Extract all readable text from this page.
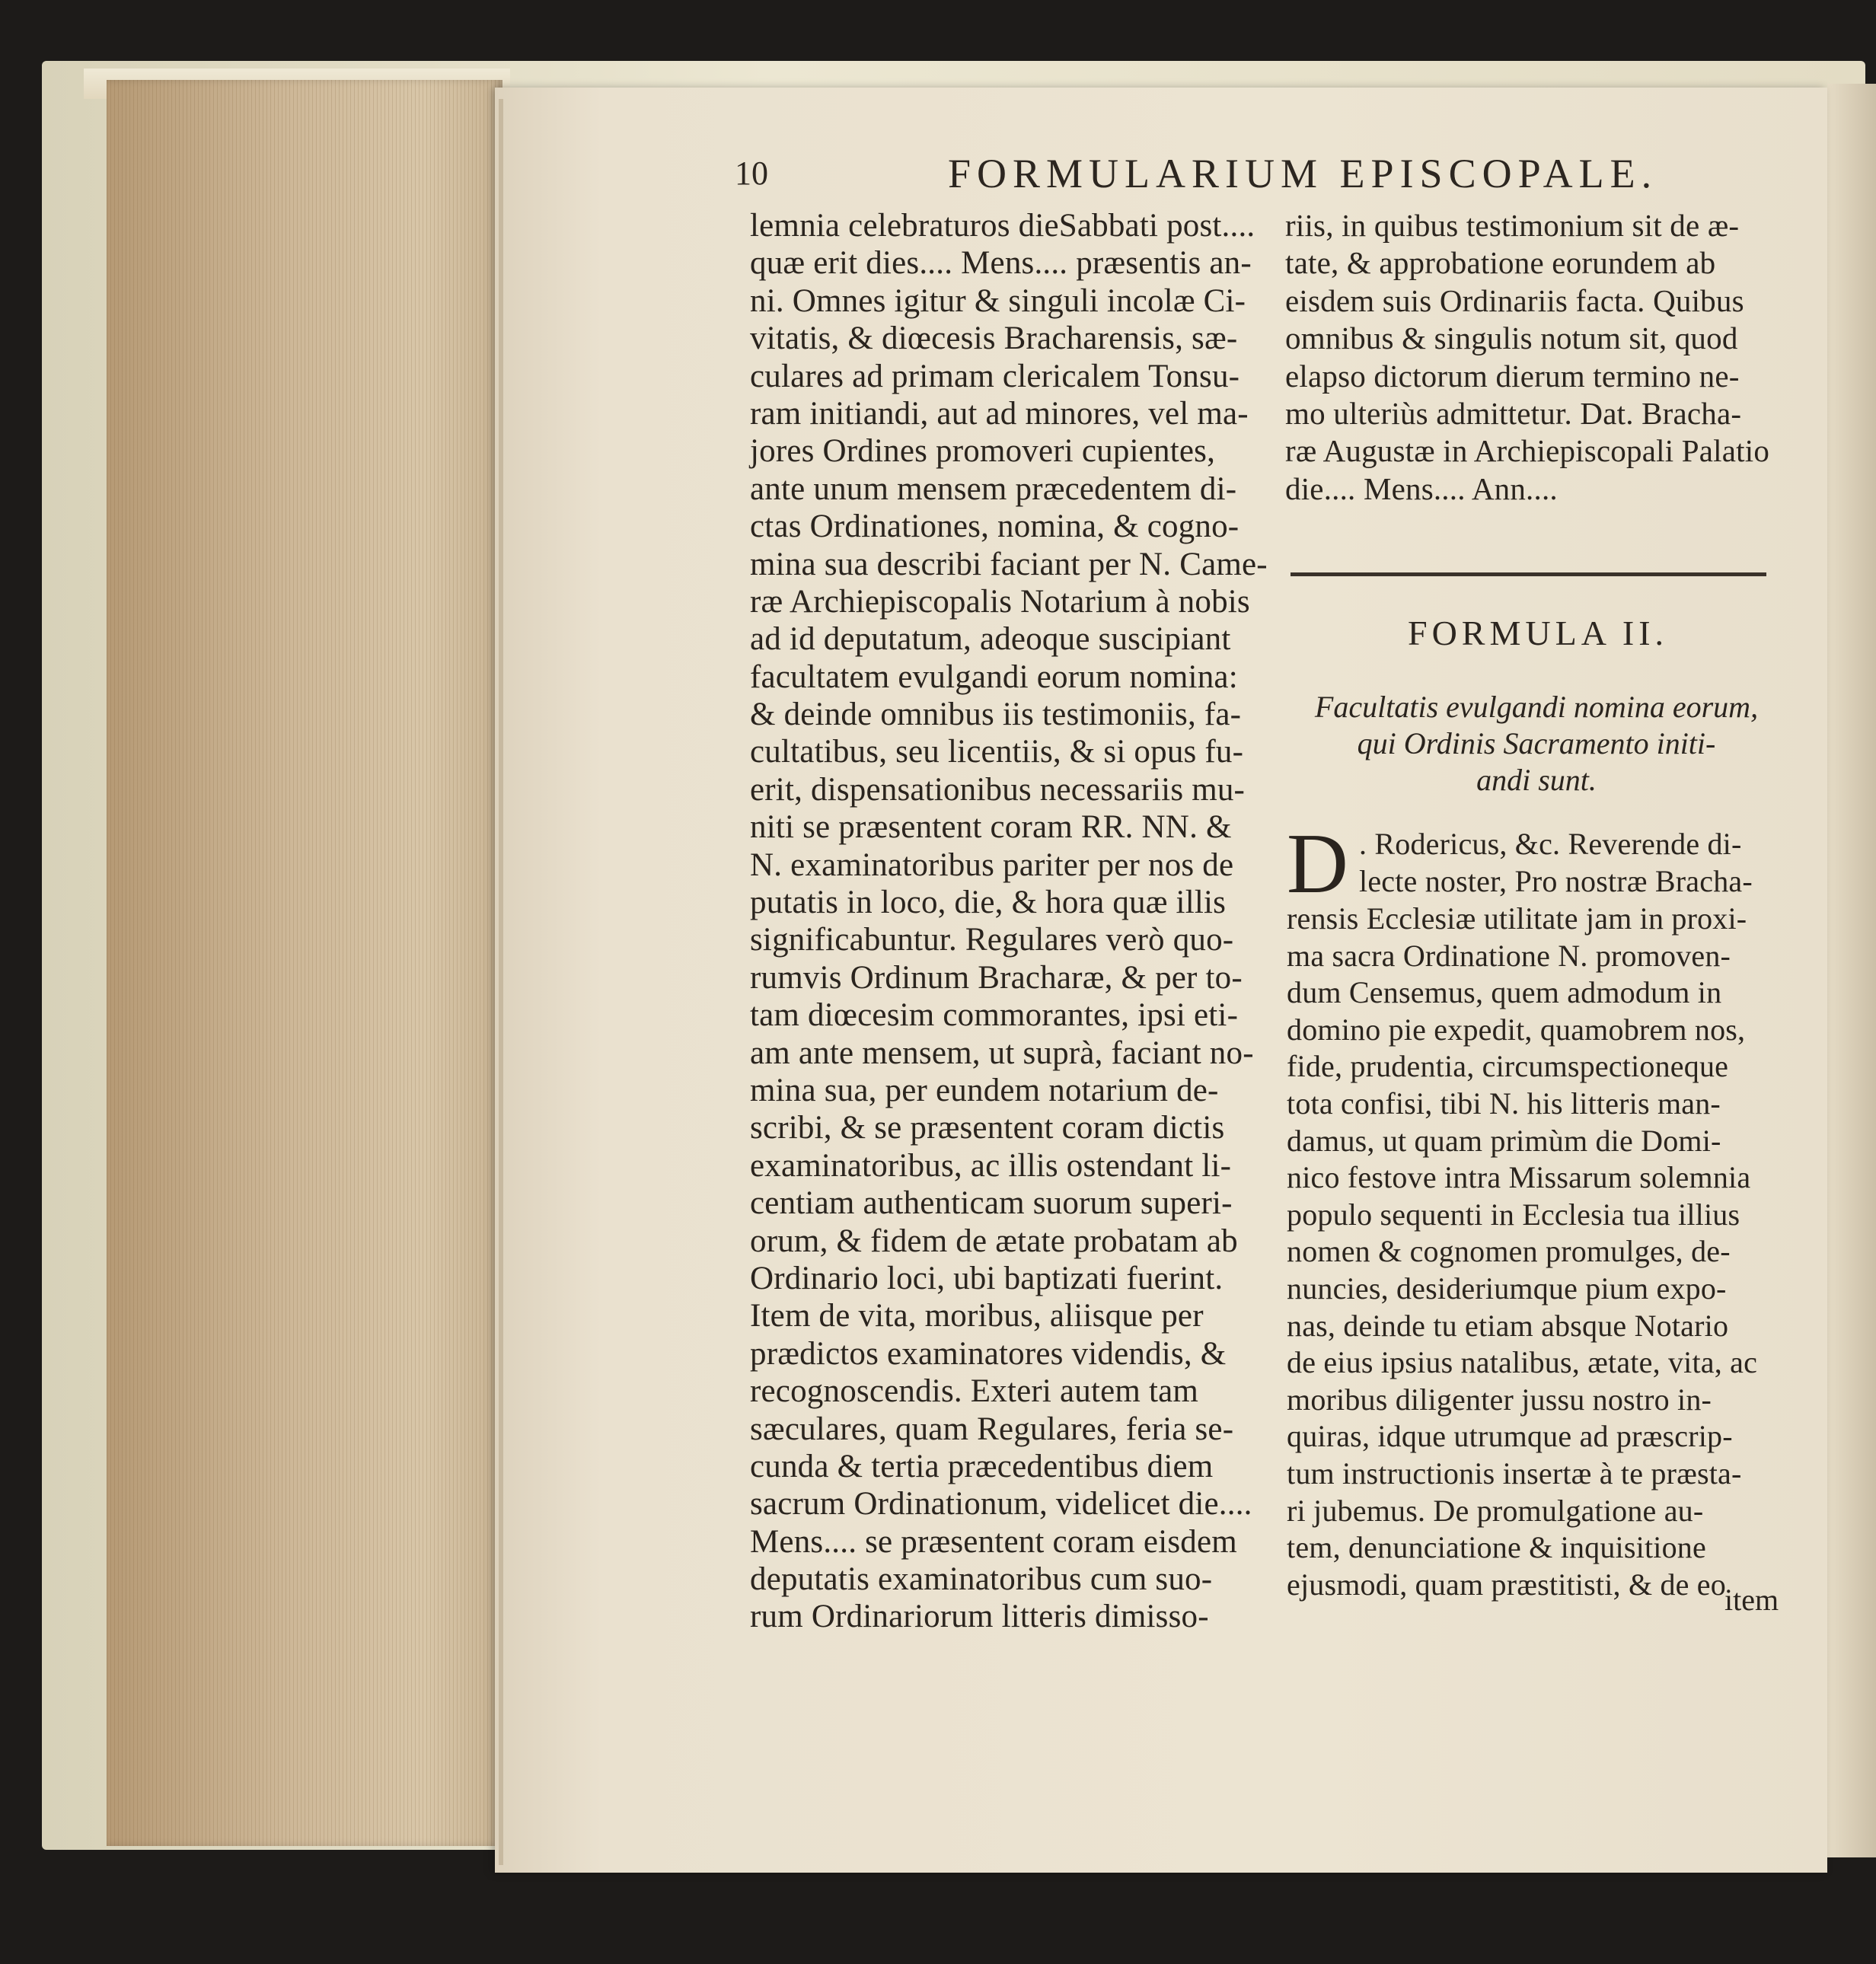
10	FORMULARIUM EPISCOPALE.
lemnia celebraturos dieSabbati post....
quæ erit dies.... Mens.... præsentis an-
ni. Omnes igitur & singuli incolæ Ci-
vitatis, & diœcesis Bracharensis, sæ-
culares ad primam clericalem Tonsu-
ram initiandi, aut ad minores, vel ma-
jores Ordines promoveri cupientes,
ante unum mensem præcedentem di-
ctas Ordinationes, nomina, & cogno-
mina sua describi faciant per N. Came-
ræ Archiepiscopalis Notarium à nobis
ad id deputatum, adeoque suscipiant
facultatem evulgandi eorum nomina:
& deinde omnibus iis testimoniis, fa-
cultatibus, seu licentiis, & si opus fu-
erit, dispensationibus necessariis mu-
niti se præsentent coram RR. NN. &
N. examinatoribus pariter per nos de
putatis in loco, die, & hora quæ illis
significabuntur. Regulares verò quo-
rumvis Ordinum Bracharæ, & per to-
tam diœcesim commorantes, ipsi eti-
am ante mensem, ut suprà, faciant no-
mina sua, per eundem notarium de-
scribi, & se præsentent coram dictis
examinatoribus, ac illis ostendant li-
centiam authenticam suorum superi-
orum, & fidem de ætate probatam ab
Ordinario loci, ubi baptizati fuerint.
Item de vita, moribus, aliisque per
prædictos examinatores videndis, &
recognoscendis. Exteri autem tam
sæculares, quam Regulares, feria se-
cunda & tertia præcedentibus diem
sacrum Ordinationum, videlicet die....
Mens.... se præsentent coram eisdem
deputatis examinatoribus cum suo-
rum Ordinariorum litteris dimisso-
riis, in quibus testimonium sit de æ-
tate, & approbatione eorundem ab
eisdem suis Ordinariis facta. Quibus
omnibus & singulis notum sit, quod
elapso dictorum dierum termino ne-
mo ulteriùs admittetur. Dat. Bracha-
ræ Augustæ in Archiepiscopali Palatio
die.... Mens.... Ann....
FORMULA II.
Facultatis evulgandi nomina eorum,
qui Ordinis Sacramento initi-
andi sunt.
D . Rodericus, &c. Reverende di-
lecte noster, Pro nostræ Bracha-
rensis Ecclesiæ utilitate jam in proxi-
ma sacra Ordinatione N. promoven-
dum Censemus, quem admodum in
domino pie expedit, quamobrem nos,
fide, prudentia, circumspectioneque
tota confisi, tibi N. his litteris man-
damus, ut quam primùm die Domi-
nico festove intra Missarum solemnia
populo sequenti in Ecclesia tua illius
nomen & cognomen promulges, de-
nuncies, desideriumque pium expo-
nas, deinde tu etiam absque Notario
de eius ipsius natalibus, ætate, vita, ac
moribus diligenter jussu nostro in-
quiras, idque utrumque ad præscrip-
tum instructionis insertæ à te præsta-
ri jubemus. De promulgatione au-
tem, denunciatione & inquisitione
ejusmodi, quam præstitisti, & de eo
item
